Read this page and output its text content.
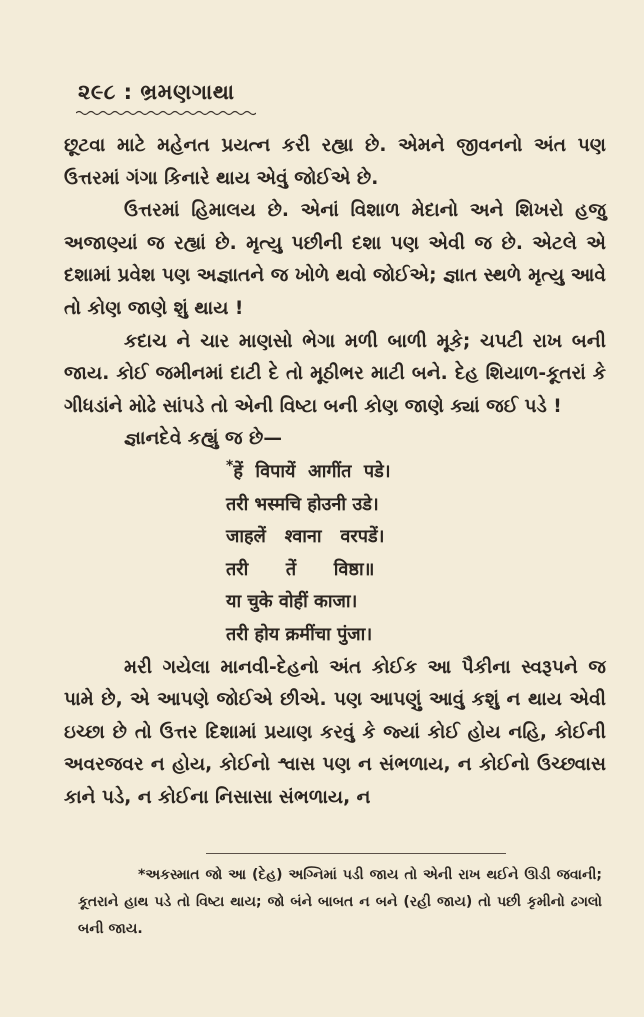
૨૯૮ : ભ્રમણગાથા

છૂટવા માટે મહેનત પ્રયત્ન કરી રહ્યા છે. એમને જીવનનો અંત પણ ઉત્તરમાં ગંગા કિનારે થાય એવું જોઈએ છે.

ઉત્તરમાં હિમાલય છે. એનાં વિશાળ મેદાનો અને શિખરો હજુ અજાણ્યાં જ રહ્યાં છે. મૃત્યુ પછીની દશા પણ એવી જ છે. એટલે એ દશામાં પ્રવેશ પણ અજ્ઞાતને જ ખોળે થવો જોઈએ; જ્ઞાત સ્થળે મૃત્યુ આવે તો કોણ જાણે શું થાય !

કદાચ ને ચાર માણસો ભેગા મળી બાળી મૂકે; ચપટી રાખ બની જાય. કોઈ જમીનમાં દાટી દે તો મૂઠીભર માટી બને. દેહ શિયાળ-કૂતરાં કે ગીધડાંને મોઢે સાંપડે તો એની વિષ્ટા બની કોણ જાણે ક્યાં જઈ પડે !

જ્ઞાનદેવે કહ્યું જ છે—

*हें  विपायें  आगींत  पडे।
तरी भस्मचि होउनी उडे।
जाहलें   श्वाना   वरपडें।
तरी      तें      विष्ठा॥
या चुके वोहीं काजा।
तरी होय क्रमींचा पुंजा।

મરી ગયેલા માનવી-દેહનો અંત કોઈક આ પૈકીના સ્વરૂપને જ પામે છે, એ આપણે જોઈએ છીએ. પણ આપણું આવું કશું ન થાય એવી ઇચ્છા છે તો ઉત્તર દિશામાં પ્રયાણ કરવું કે જ્યાં કોઈ હોય નહિ, કોઈની અવરજવર ન હોય, કોઈનો શ્વાસ પણ ન સંભળાય, ન કોઈનો ઉચ્છ્વાસ કાને પડે, ન કોઈના નિસાસા સંભળાય, ન

*અકસ્માત જો આ (દેહ) અગ્નિમાં પડી જાય તો એની રાખ થઈને ઊડી જવાની; કૂતરાને હાથ પડે તો વિષ્ટા થાય; જો બંને બાબત ન બને (રહી જાય) તો પછી કૃમીનો ઢગલો બની જાય.
